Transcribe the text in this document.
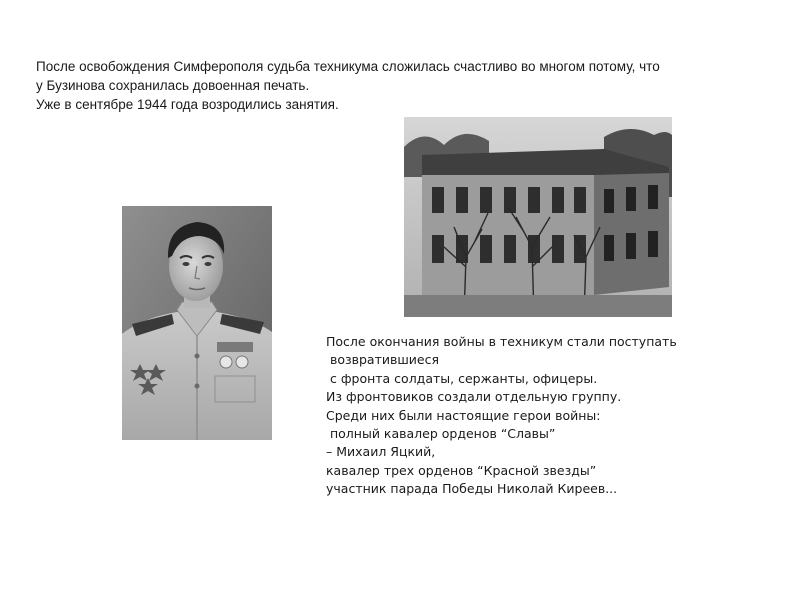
После освобождения Симферополя судьба техникума сложилась счастливо во многом потому, что

у Бузинова сохранилась довоенная печать.

Уже в сентябре 1944 года возродились занятия.

После окончания войны в техникум стали поступать
возвратившиеся
с фронта солдаты, сержанты, офицеры.
Из фронтовиков создали отдельную группу.
Среди них были настоящие герои войны:
полный кавалер орденов “Славы”
– Михаил Яцкий,
кавалер трех орденов “Красной звезды”
участник парада Победы Николай Киреев...
